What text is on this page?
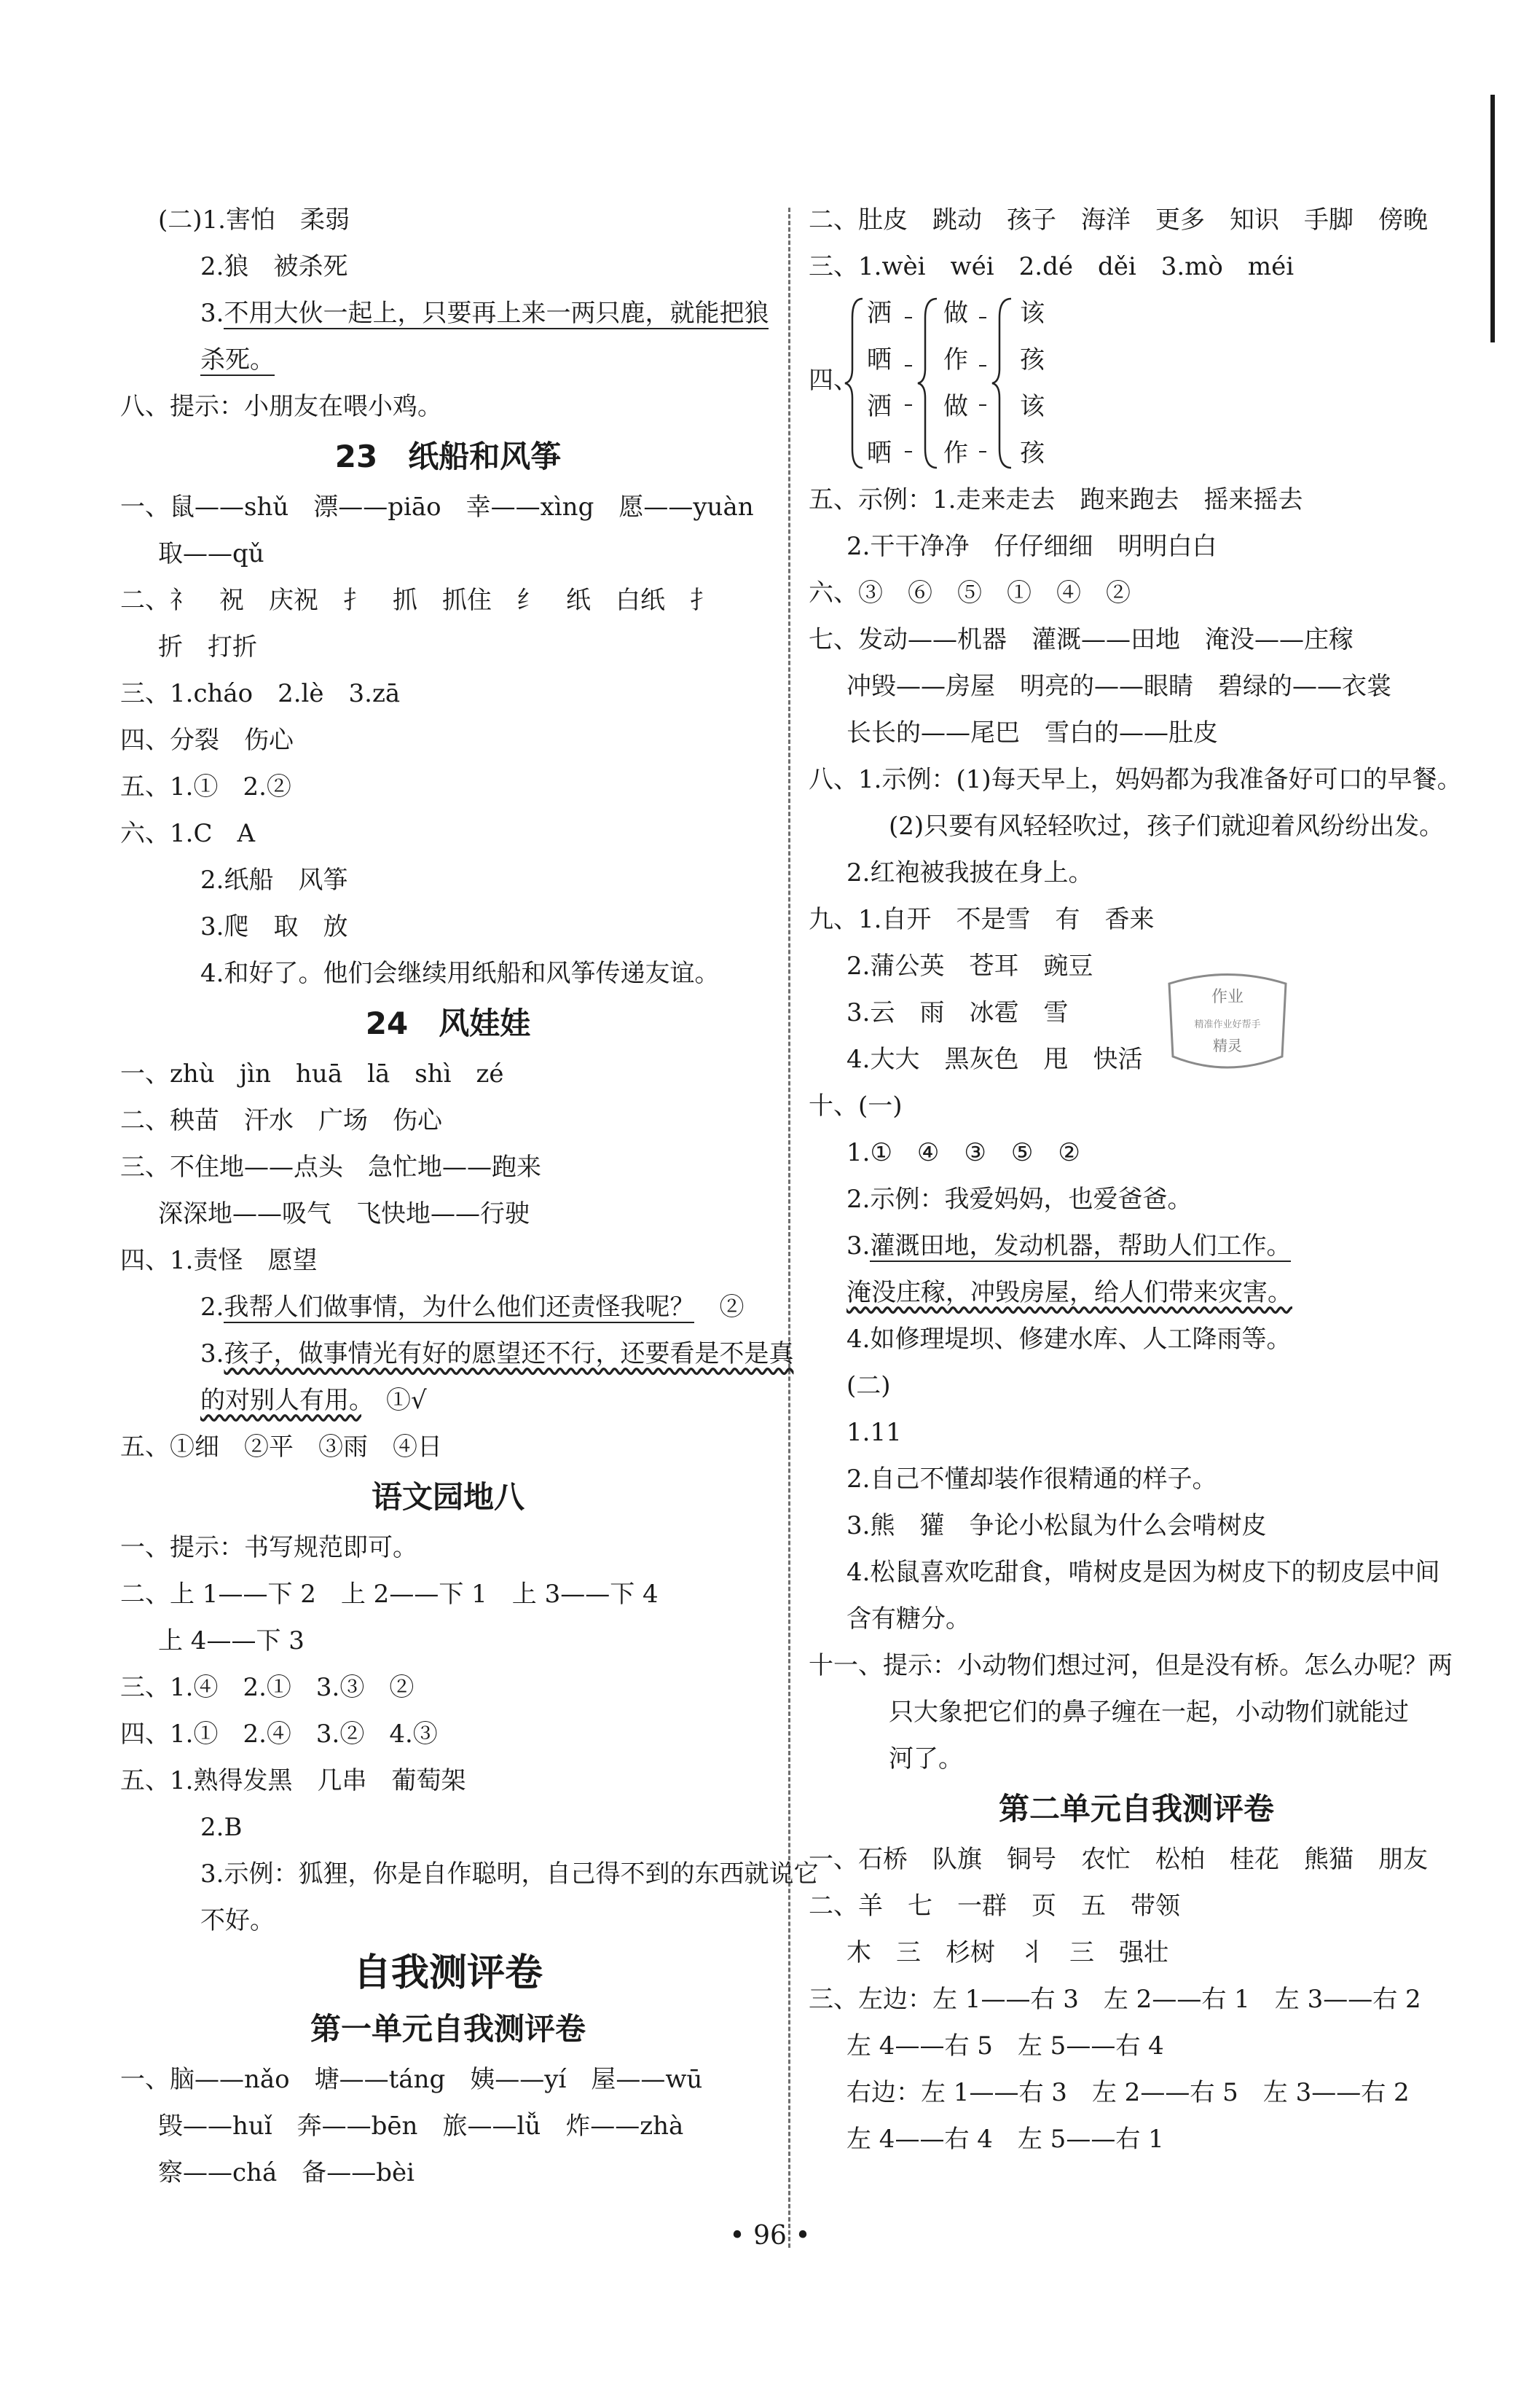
(二)1.害怕　柔弱
2.狼　被杀死
3.不用大伙一起上，只要再上来一两只鹿，就能把狼
杀死。
八、提示：小朋友在喂小鸡。
23　纸船和风筝
一、鼠——shǔ　漂——piāo　幸——xìng　愿——yuàn
取——qǔ
二、礻　祝　庆祝　扌　抓　抓住　纟　纸　白纸　扌
折　打折
三、1.cháo　2.lè　3.zā
四、分裂　伤心
五、1.①　2.②
六、1.C　A
2.纸船　风筝
3.爬　取　放
4.和好了。他们会继续用纸船和风筝传递友谊。
24　风娃娃
一、zhù　jìn　huā　lā　shì　zé
二、秧苗　汗水　广场　伤心
三、不住地——点头　急忙地——跑来
深深地——吸气　飞快地——行驶
四、1.责怪　愿望
2.我帮人们做事情，为什么他们还责怪我呢？　②
3.孩子，做事情光有好的愿望还不行，还要看是不是真
的对别人有用。　①√
五、①细　②平　③雨　④日
语文园地八
一、提示：书写规范即可。
二、上 1——下 2　上 2——下 1　上 3——下 4
上 4——下 3
三、1.④　2.①　3.③　②
四、1.①　2.④　3.②　4.③
五、1.熟得发黑　几串　葡萄架
2.B
3.示例：狐狸，你是自作聪明，自己得不到的东西就说它
不好。
自我测评卷
第一单元自我测评卷
一、脑——nǎo　塘——táng　姨——yí　屋——wū
毁——huǐ　奔——bēn　旅——lǚ　炸——zhà
察——chá　备——bèi
二、肚皮　跳动　孩子　海洋　更多　知识　手脚　傍晚
三、1.wèi　wéi　2.dé　děi　3.mò　méi
四、
洒
晒
洒
晒
做
作
做
作
该
孩
该
孩
五、示例：1.走来走去　跑来跑去　摇来摇去
2.干干净净　仔仔细细　明明白白
六、③　⑥　⑤　①　④　②
七、发动——机器　灌溉——田地　淹没——庄稼
冲毁——房屋　明亮的——眼睛　碧绿的——衣裳
长长的——尾巴　雪白的——肚皮
八、1.示例：(1)每天早上，妈妈都为我准备好可口的早餐。
(2)只要有风轻轻吹过，孩子们就迎着风纷纷出发。
2.红袍被我披在身上。
九、1.自开　不是雪　有　香来
2.蒲公英　苍耳　豌豆
3.云　雨　冰雹　雪
4.大大　黑灰色　甩　快活
十、(一)
1.①　④　③　⑤　②
2.示例：我爱妈妈，也爱爸爸。
3.灌溉田地，发动机器，帮助人们工作。
淹没庄稼，冲毁房屋，给人们带来灾害。
4.如修理堤坝、修建水库、人工降雨等。
(二)
1.11
2.自己不懂却装作很精通的样子。
3.熊　獾　争论小松鼠为什么会啃树皮
4.松鼠喜欢吃甜食，啃树皮是因为树皮下的韧皮层中间
含有糖分。
十一、提示：小动物们想过河，但是没有桥。怎么办呢？两
只大象把它们的鼻子缠在一起，小动物们就能过
河了。
第二单元自我测评卷
一、石桥　队旗　铜号　农忙　松柏　桂花　熊猫　朋友
二、羊　七　一群　页　五　带领
木　三　杉树　丬　三　强壮
三、左边：左 1——右 3　左 2——右 1　左 3——右 2
左 4——右 5　左 5——右 4
右边：左 1——右 3　左 2——右 5　左 3——右 2
左 4——右 4　左 5——右 1
作业
精准作业好帮手
精灵
• 96 •
